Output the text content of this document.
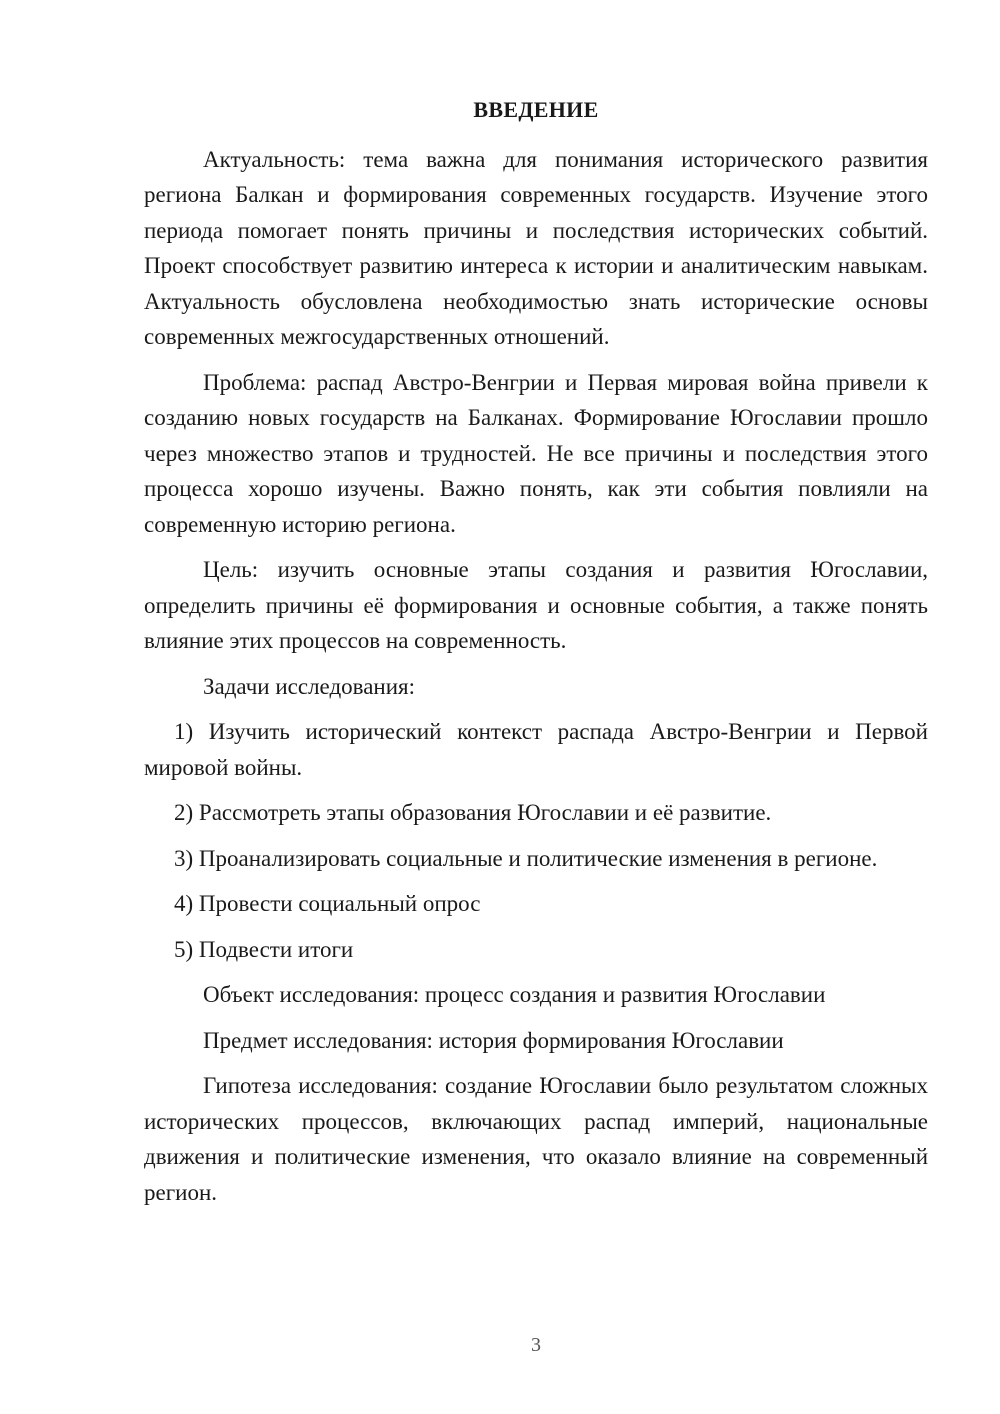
ВВЕДЕНИЕ

Актуальность: тема важна для понимания исторического развития региона Балкан и формирования современных государств. Изучение этого периода помогает понять причины и последствия исторических событий. Проект способствует развитию интереса к истории и аналитическим навыкам. Актуальность обусловлена необходимостью знать исторические основы современных межгосударственных отношений.

Проблема: распад Австро-Венгрии и Первая мировая война привели к созданию новых государств на Балканах. Формирование Югославии прошло через множество этапов и трудностей. Не все причины и последствия этого процесса хорошо изучены. Важно понять, как эти события повлияли на современную историю региона.

Цель: изучить основные этапы создания и развития Югославии, определить причины её формирования и основные события, а также понять влияние этих процессов на современность.

Задачи исследования:

1) Изучить исторический контекст распада Австро-Венгрии и Первой мировой войны.

2) Рассмотреть этапы образования Югославии и её развитие.

3) Проанализировать социальные и политические изменения в регионе.

4) Провести социальный опрос

5) Подвести итоги

Объект исследования: процесс создания и развития Югославии

Предмет исследования: история формирования Югославии

Гипотеза исследования: создание Югославии было результатом сложных исторических процессов, включающих распад империй, национальные движения и политические изменения, что оказало влияние на современный регион.

3
